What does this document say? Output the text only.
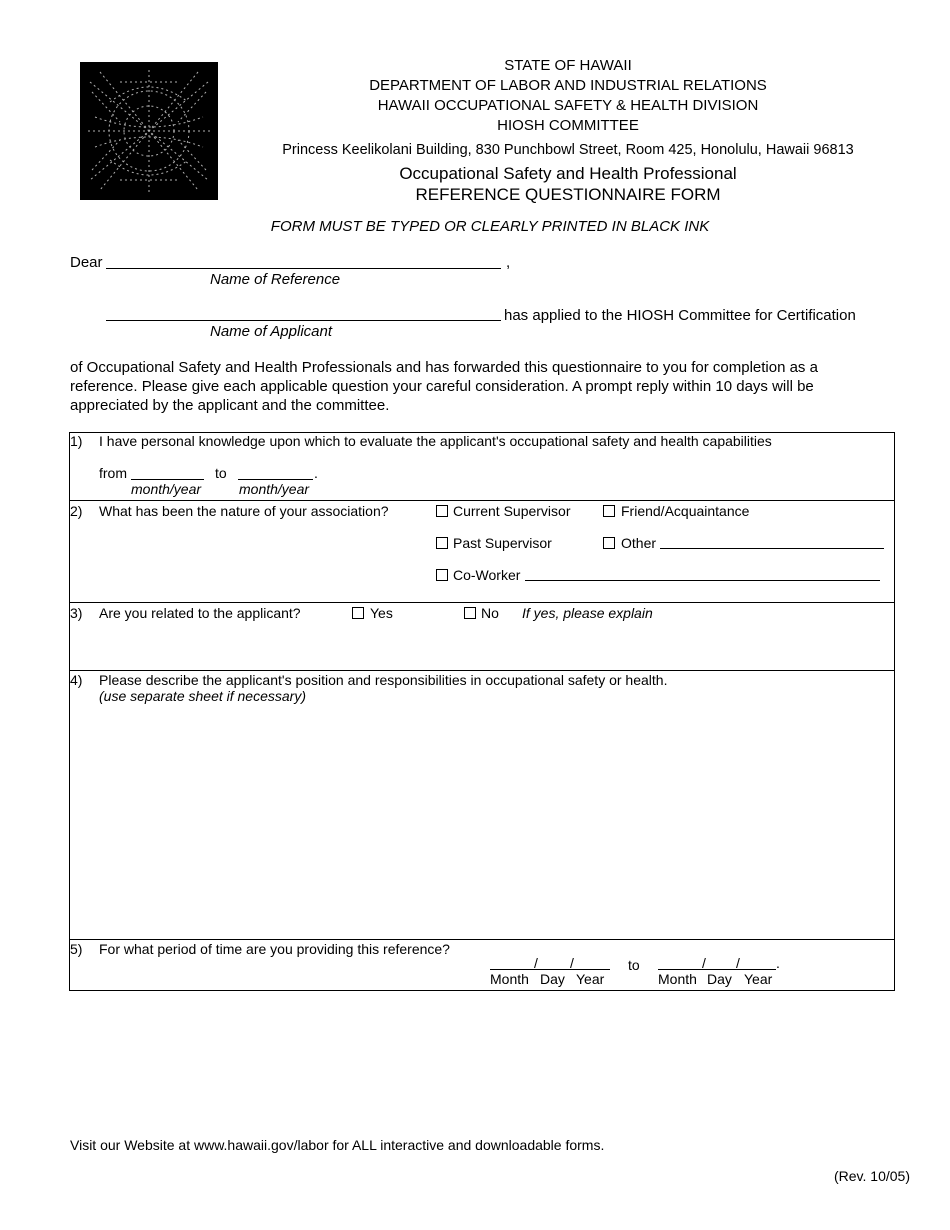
STATE OF HAWAII
DEPARTMENT OF LABOR AND INDUSTRIAL RELATIONS
HAWAII OCCUPATIONAL SAFETY & HEALTH DIVISION
HIOSH COMMITTEE
Princess Keelikolani Building, 830 Punchbowl Street, Room 425, Honolulu, Hawaii 96813
Occupational Safety and Health Professional
REFERENCE QUESTIONNAIRE FORM
FORM MUST BE TYPED OR CLEARLY PRINTED IN BLACK INK
Dear	,
Name of Reference
has applied to the HIOSH Committee for Certification
Name of Applicant
of Occupational Safety and Health Professionals and has forwarded this questionnaire to you for completion as a reference. Please give each applicable question your careful consideration. A prompt reply within 10 days will be appreciated by the applicant and the committee.
1) I have personal knowledge upon which to evaluate the applicant's occupational safety and health capabilities
from	to	.
month/year	month/year
2) What has been the nature of your association?	Current Supervisor	Friend/Acquaintance
Past Supervisor	Other
Co-Worker
3) Are you related to the applicant?	Yes	No If yes, please explain
4) Please describe the applicant's position and responsibilities in occupational safety or health.
(use separate sheet if necessary)
5) For what period of time are you providing this reference?
/ /
Month Day Year
to	/ /	.
Month Day Year
Visit our Website at www.hawaii.gov/labor for ALL interactive and downloadable forms.
(Rev. 10/05)
